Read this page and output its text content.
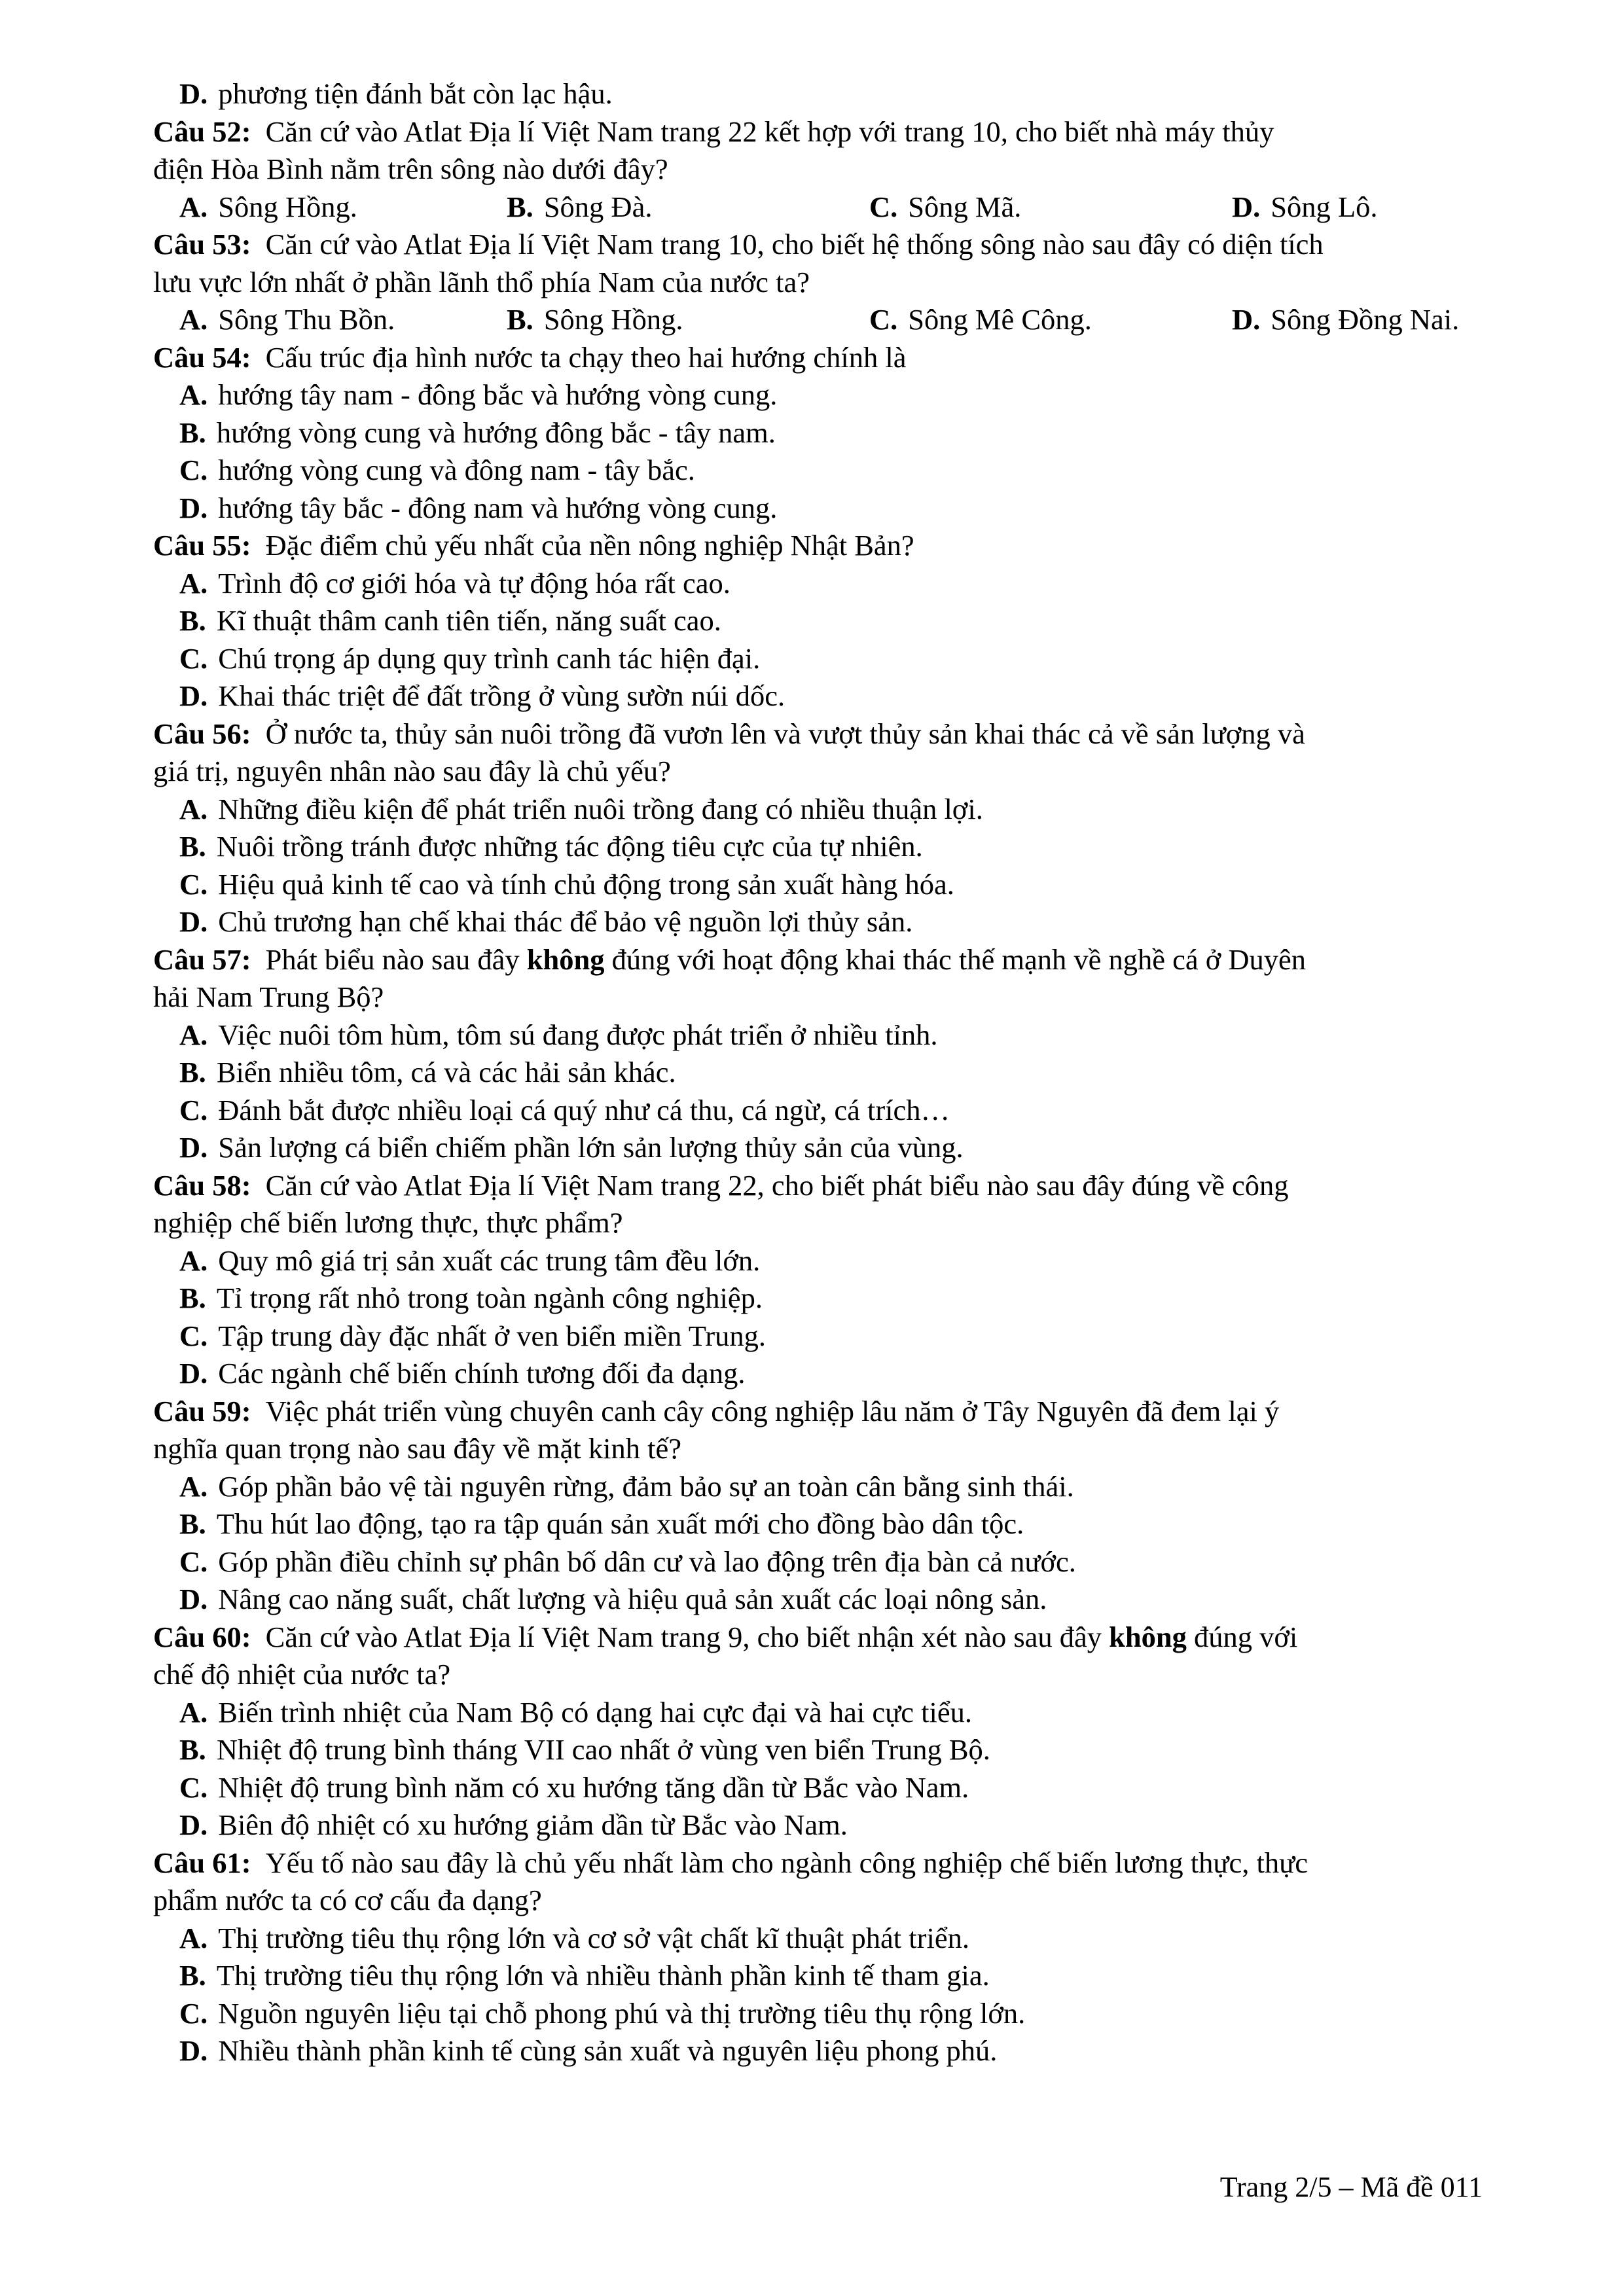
D. phương tiện đánh bắt còn lạc hậu.
Câu 52: Căn cứ vào Atlat Địa lí Việt Nam trang 22 kết hợp với trang 10, cho biết nhà máy thủy
điện Hòa Bình nằm trên sông nào dưới đây?
A. Sông Hồng.	B. Sông Đà.	C. Sông Mã.	D. Sông Lô.
Câu 53: Căn cứ vào Atlat Địa lí Việt Nam trang 10, cho biết hệ thống sông nào sau đây có diện tích
lưu vực lớn nhất ở phần lãnh thổ phía Nam của nước ta?
A. Sông Thu Bồn.	B. Sông Hồng.	C. Sông Mê Công.	D. Sông Đồng Nai.
Câu 54: Cấu trúc địa hình nước ta chạy theo hai hướng chính là
A. hướng tây nam - đông bắc và hướng vòng cung.
B. hướng vòng cung và hướng đông bắc - tây nam.
C. hướng vòng cung và đông nam - tây bắc.
D. hướng tây bắc - đông nam và hướng vòng cung.
Câu 55: Đặc điểm chủ yếu nhất của nền nông nghiệp Nhật Bản?
A. Trình độ cơ giới hóa và tự động hóa rất cao.
B. Kĩ thuật thâm canh tiên tiến, năng suất cao.
C. Chú trọng áp dụng quy trình canh tác hiện đại.
D. Khai thác triệt để đất trồng ở vùng sườn núi dốc.
Câu 56: Ở nước ta, thủy sản nuôi trồng đã vươn lên và vượt thủy sản khai thác cả về sản lượng và
giá trị, nguyên nhân nào sau đây là chủ yếu?
A. Những điều kiện để phát triển nuôi trồng đang có nhiều thuận lợi.
B. Nuôi trồng tránh được những tác động tiêu cực của tự nhiên.
C. Hiệu quả kinh tế cao và tính chủ động trong sản xuất hàng hóa.
D. Chủ trương hạn chế khai thác để bảo vệ nguồn lợi thủy sản.
Câu 57: Phát biểu nào sau đây không đúng với hoạt động khai thác thế mạnh về nghề cá ở Duyên
hải Nam Trung Bộ?
A. Việc nuôi tôm hùm, tôm sú đang được phát triển ở nhiều tỉnh.
B. Biển nhiều tôm, cá và các hải sản khác.
C. Đánh bắt được nhiều loại cá quý như cá thu, cá ngừ, cá trích…
D. Sản lượng cá biển chiếm phần lớn sản lượng thủy sản của vùng.
Câu 58: Căn cứ vào Atlat Địa lí Việt Nam trang 22, cho biết phát biểu nào sau đây đúng về công
nghiệp chế biến lương thực, thực phẩm?
A. Quy mô giá trị sản xuất các trung tâm đều lớn.
B. Tỉ trọng rất nhỏ trong toàn ngành công nghiệp.
C. Tập trung dày đặc nhất ở ven biển miền Trung.
D. Các ngành chế biến chính tương đối đa dạng.
Câu 59: Việc phát triển vùng chuyên canh cây công nghiệp lâu năm ở Tây Nguyên đã đem lại ý
nghĩa quan trọng nào sau đây về mặt kinh tế?
A. Góp phần bảo vệ tài nguyên rừng, đảm bảo sự an toàn cân bằng sinh thái.
B. Thu hút lao động, tạo ra tập quán sản xuất mới cho đồng bào dân tộc.
C. Góp phần điều chỉnh sự phân bố dân cư và lao động trên địa bàn cả nước.
D. Nâng cao năng suất, chất lượng và hiệu quả sản xuất các loại nông sản.
Câu 60: Căn cứ vào Atlat Địa lí Việt Nam trang 9, cho biết nhận xét nào sau đây không đúng với
chế độ nhiệt của nước ta?
A. Biến trình nhiệt của Nam Bộ có dạng hai cực đại và hai cực tiểu.
B. Nhiệt độ trung bình tháng VII cao nhất ở vùng ven biển Trung Bộ.
C. Nhiệt độ trung bình năm có xu hướng tăng dần từ Bắc vào Nam.
D. Biên độ nhiệt có xu hướng giảm dần từ Bắc vào Nam.
Câu 61: Yếu tố nào sau đây là chủ yếu nhất làm cho ngành công nghiệp chế biến lương thực, thực
phẩm nước ta có cơ cấu đa dạng?
A. Thị trường tiêu thụ rộng lớn và cơ sở vật chất kĩ thuật phát triển.
B. Thị trường tiêu thụ rộng lớn và nhiều thành phần kinh tế tham gia.
C. Nguồn nguyên liệu tại chỗ phong phú và thị trường tiêu thụ rộng lớn.
D. Nhiều thành phần kinh tế cùng sản xuất và nguyên liệu phong phú.
Trang 2/5 – Mã đề 011
